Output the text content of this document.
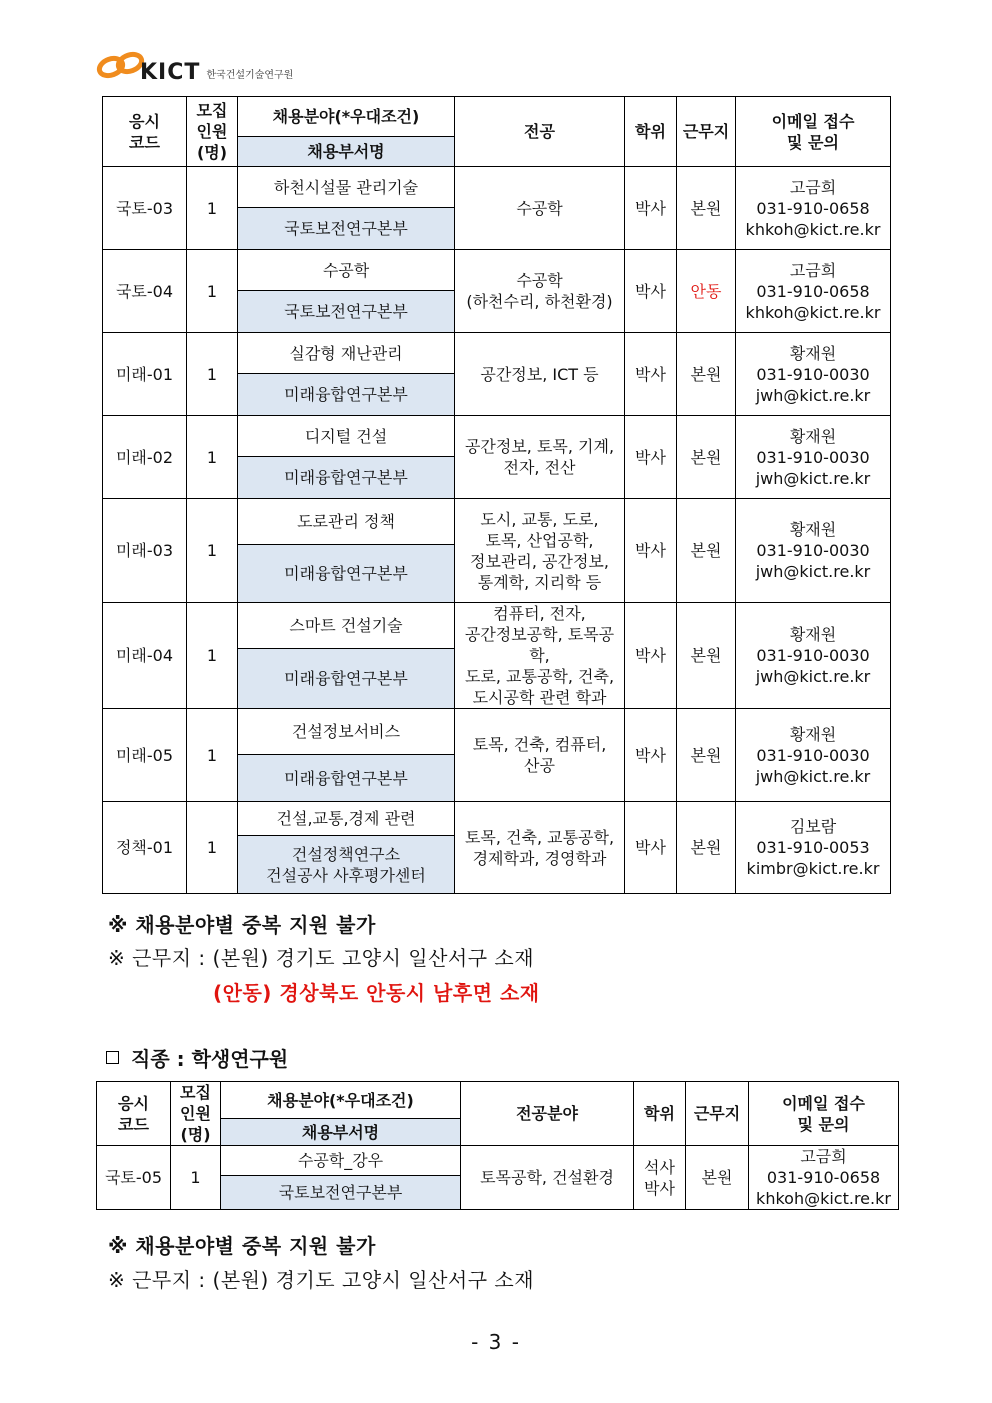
KICT 한국건설기술연구원
응시
코드	모집
인원
(명)	채용분야(*우대조건)	전공	학위	근무지	이메일 접수
및 문의
		채용부서명				
국토-03	1	하천시설물 관리기술	수공학	박사	본원	고금희
031-910-0658
khkoh@kict.re.kr
		국토보전연구본부				
국토-04	1	수공학	수공학
(하천수리, 하천환경)	박사	안동	고금희
031-910-0658
khkoh@kict.re.kr
		국토보전연구본부				
미래-01	1	실감형 재난관리	공간정보, ICT 등	박사	본원	황재원
031-910-0030
jwh@kict.re.kr
		미래융합연구본부				
미래-02	1	디지털 건설	공간정보, 토목, 기계,
전자, 전산	박사	본원	황재원
031-910-0030
jwh@kict.re.kr
		미래융합연구본부				
미래-03	1	도로관리 정책	도시, 교통, 도로,
토목, 산업공학,
정보관리, 공간정보,
통계학, 지리학 등	박사	본원	황재원
031-910-0030
jwh@kict.re.kr
		미래융합연구본부				
미래-04	1	스마트 건설기술	컴퓨터, 전자,
공간정보공학, 토목공학,
도로, 교통공학, 건축,
도시공학 관련 학과	박사	본원	황재원
031-910-0030
jwh@kict.re.kr
		미래융합연구본부				
미래-05	1	건설정보서비스	토목, 건축, 컴퓨터,
산공	박사	본원	황재원
031-910-0030
jwh@kict.re.kr
		미래융합연구본부				
정책-01	1	건설,교통,경제 관련	토목, 건축, 교통공학,
경제학과, 경영학과	박사	본원	김보람
031-910-0053
kimbr@kict.re.kr
		건설정책연구소
건설공사 사후평가센터				
※ 채용분야별 중복 지원 불가
※ 근무지 : (본원) 경기도 고양시 일산서구 소재
(안동) 경상북도 안동시 남후면 소재
직종 : 학생연구원
응시
코드	모집
인원
(명)	채용분야(*우대조건)	전공분야	학위	근무지	이메일 접수
및 문의
		채용부서명				
국토-05	1	수공학_강우	토목공학, 건설환경	석사
박사	본원	고금희
031-910-0658
khkoh@kict.re.kr
		국토보전연구본부				
※ 채용분야별 중복 지원 불가
※ 근무지 : (본원) 경기도 고양시 일산서구 소재
- 3 -
